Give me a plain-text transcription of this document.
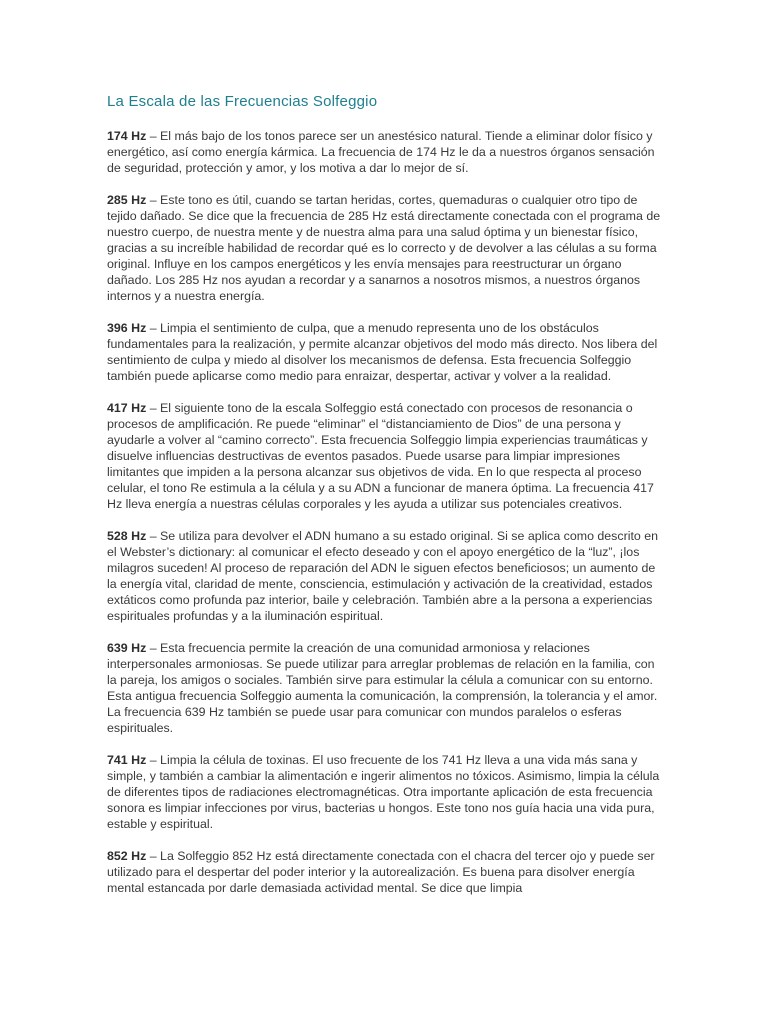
La Escala de las Frecuencias Solfeggio

174 Hz – El más bajo de los tonos parece ser un anestésico natural. Tiende a eliminar dolor físico y energético, así como energía kármica. La frecuencia de 174 Hz le da a nuestros órganos sensación de seguridad, protección y amor, y los motiva a dar lo mejor de sí.

285 Hz – Este tono es útil, cuando se tartan heridas, cortes, quemaduras o cualquier otro tipo de tejido dañado. Se dice que la frecuencia de 285 Hz está directamente conectada con el programa de nuestro cuerpo, de nuestra mente y de nuestra alma para una salud óptima y un bienestar físico, gracias a su increíble habilidad de recordar qué es lo correcto y de devolver a las células a su forma original. Influye en los campos energéticos y les envía mensajes para reestructurar un órgano dañado. Los 285 Hz nos ayudan a recordar y a sanarnos a nosotros mismos, a nuestros órganos internos y a nuestra energía.

396 Hz – Limpia el sentimiento de culpa, que a menudo representa uno de los obstáculos fundamentales para la realización, y permite alcanzar objetivos del modo más directo. Nos libera del sentimiento de culpa y miedo al disolver los mecanismos de defensa. Esta frecuencia Solfeggio también puede aplicarse como medio para enraizar, despertar, activar y volver a la realidad.

417 Hz – El siguiente tono de la escala Solfeggio está conectado con procesos de resonancia o procesos de amplificación. Re puede “eliminar” el “distanciamiento de Dios” de una persona y ayudarle a volver al “camino correcto”. Esta frecuencia Solfeggio limpia experiencias traumáticas y disuelve influencias destructivas de eventos pasados. Puede usarse para limpiar impresiones limitantes que impiden a la persona alcanzar sus objetivos de vida. En lo que respecta al proceso celular, el tono Re estimula a la célula y a su ADN a funcionar de manera óptima. La frecuencia 417 Hz lleva energía a nuestras células corporales y les ayuda a utilizar sus potenciales creativos.

528 Hz – Se utiliza para devolver el ADN humano a su estado original. Si se aplica como descrito en el Webster’s dictionary: al comunicar el efecto deseado y con el apoyo energético de la “luz”, ¡los milagros suceden! Al proceso de reparación del ADN le siguen efectos beneficiosos; un aumento de la energía vital, claridad de mente, consciencia, estimulación y activación de la creatividad, estados extáticos como profunda paz interior, baile y celebración. También abre a la persona a experiencias espirituales profundas y a la iluminación espiritual.

639 Hz – Esta frecuencia permite la creación de una comunidad armoniosa y relaciones interpersonales armoniosas. Se puede utilizar para arreglar problemas de relación en la familia, con la pareja, los amigos o sociales. También sirve para estimular la célula a comunicar con su entorno. Esta antigua frecuencia Solfeggio aumenta la comunicación, la comprensión, la tolerancia y el amor. La frecuencia 639 Hz también se puede usar para comunicar con mundos paralelos o esferas espirituales.

741 Hz – Limpia la célula de toxinas. El uso frecuente de los 741 Hz lleva a una vida más sana y simple, y también a cambiar la alimentación e ingerir alimentos no tóxicos. Asimismo, limpia la célula de diferentes tipos de radiaciones electromagnéticas. Otra importante aplicación de esta frecuencia sonora es limpiar infecciones por virus, bacterias u hongos. Este tono nos guía hacia una vida pura, estable y espiritual.

852 Hz – La Solfeggio 852 Hz está directamente conectada con el chacra del tercer ojo y puede ser utilizado para el despertar del poder interior y la autorealización. Es buena para disolver energía mental estancada por darle demasiada actividad mental. Se dice que limpia
